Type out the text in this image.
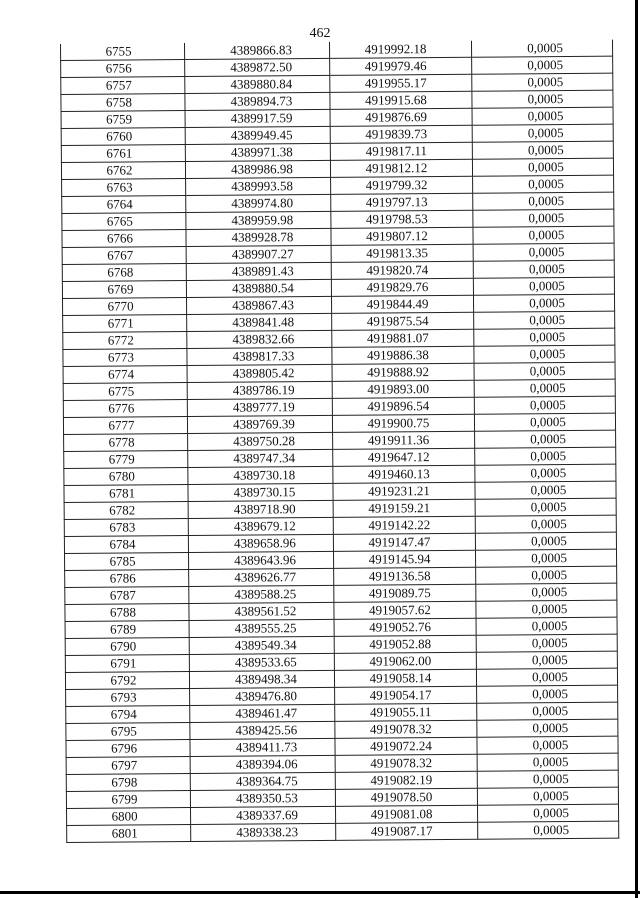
462
6755	4389866.83	4919992.18	0,0005
6756	4389872.50	4919979.46	0,0005
6757	4389880.84	4919955.17	0,0005
6758	4389894.73	4919915.68	0,0005
6759	4389917.59	4919876.69	0,0005
6760	4389949.45	4919839.73	0,0005
6761	4389971.38	4919817.11	0,0005
6762	4389986.98	4919812.12	0,0005
6763	4389993.58	4919799.32	0,0005
6764	4389974.80	4919797.13	0,0005
6765	4389959.98	4919798.53	0,0005
6766	4389928.78	4919807.12	0,0005
6767	4389907.27	4919813.35	0,0005
6768	4389891.43	4919820.74	0,0005
6769	4389880.54	4919829.76	0,0005
6770	4389867.43	4919844.49	0,0005
6771	4389841.48	4919875.54	0,0005
6772	4389832.66	4919881.07	0,0005
6773	4389817.33	4919886.38	0,0005
6774	4389805.42	4919888.92	0,0005
6775	4389786.19	4919893.00	0,0005
6776	4389777.19	4919896.54	0,0005
6777	4389769.39	4919900.75	0,0005
6778	4389750.28	4919911.36	0,0005
6779	4389747.34	4919647.12	0,0005
6780	4389730.18	4919460.13	0,0005
6781	4389730.15	4919231.21	0,0005
6782	4389718.90	4919159.21	0,0005
6783	4389679.12	4919142.22	0,0005
6784	4389658.96	4919147.47	0,0005
6785	4389643.96	4919145.94	0,0005
6786	4389626.77	4919136.58	0,0005
6787	4389588.25	4919089.75	0,0005
6788	4389561.52	4919057.62	0,0005
6789	4389555.25	4919052.76	0,0005
6790	4389549.34	4919052.88	0,0005
6791	4389533.65	4919062.00	0,0005
6792	4389498.34	4919058.14	0,0005
6793	4389476.80	4919054.17	0,0005
6794	4389461.47	4919055.11	0,0005
6795	4389425.56	4919078.32	0,0005
6796	4389411.73	4919072.24	0,0005
6797	4389394.06	4919078.32	0,0005
6798	4389364.75	4919082.19	0,0005
6799	4389350.53	4919078.50	0,0005
6800	4389337.69	4919081.08	0,0005
6801	4389338.23	4919087.17	0,0005
